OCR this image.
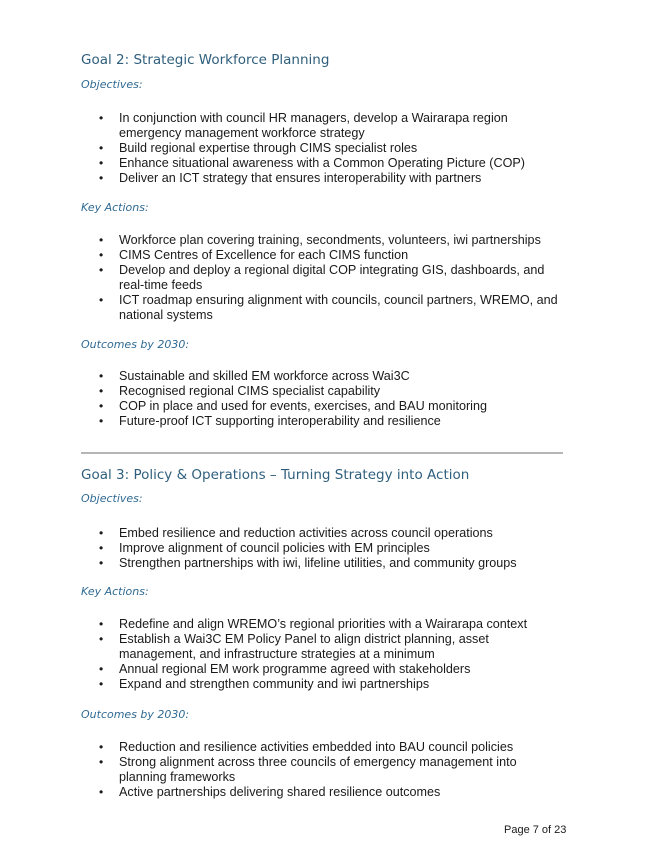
Goal 2: Strategic Workforce Planning

Objectives:

• In conjunction with council HR managers, develop a Wairarapa region emergency management workforce strategy
• Build regional expertise through CIMS specialist roles
• Enhance situational awareness with a Common Operating Picture (COP)
• Deliver an ICT strategy that ensures interoperability with partners

Key Actions:

• Workforce plan covering training, secondments, volunteers, iwi partnerships
• CIMS Centres of Excellence for each CIMS function
• Develop and deploy a regional digital COP integrating GIS, dashboards, and real-time feeds
• ICT roadmap ensuring alignment with councils, council partners, WREMO, and national systems

Outcomes by 2030:

• Sustainable and skilled EM workforce across Wai3C
• Recognised regional CIMS specialist capability
• COP in place and used for events, exercises, and BAU monitoring
• Future-proof ICT supporting interoperability and resilience
Goal 3: Policy & Operations – Turning Strategy into Action

Objectives:

• Embed resilience and reduction activities across council operations
• Improve alignment of council policies with EM principles
• Strengthen partnerships with iwi, lifeline utilities, and community groups

Key Actions:

• Redefine and align WREMO’s regional priorities with a Wairarapa context
• Establish a Wai3C EM Policy Panel to align district planning, asset management, and infrastructure strategies at a minimum
• Annual regional EM work programme agreed with stakeholders
• Expand and strengthen community and iwi partnerships

Outcomes by 2030:

• Reduction and resilience activities embedded into BAU council policies
• Strong alignment across three councils of emergency management into planning frameworks
• Active partnerships delivering shared resilience outcomes
Page 7 of 23
